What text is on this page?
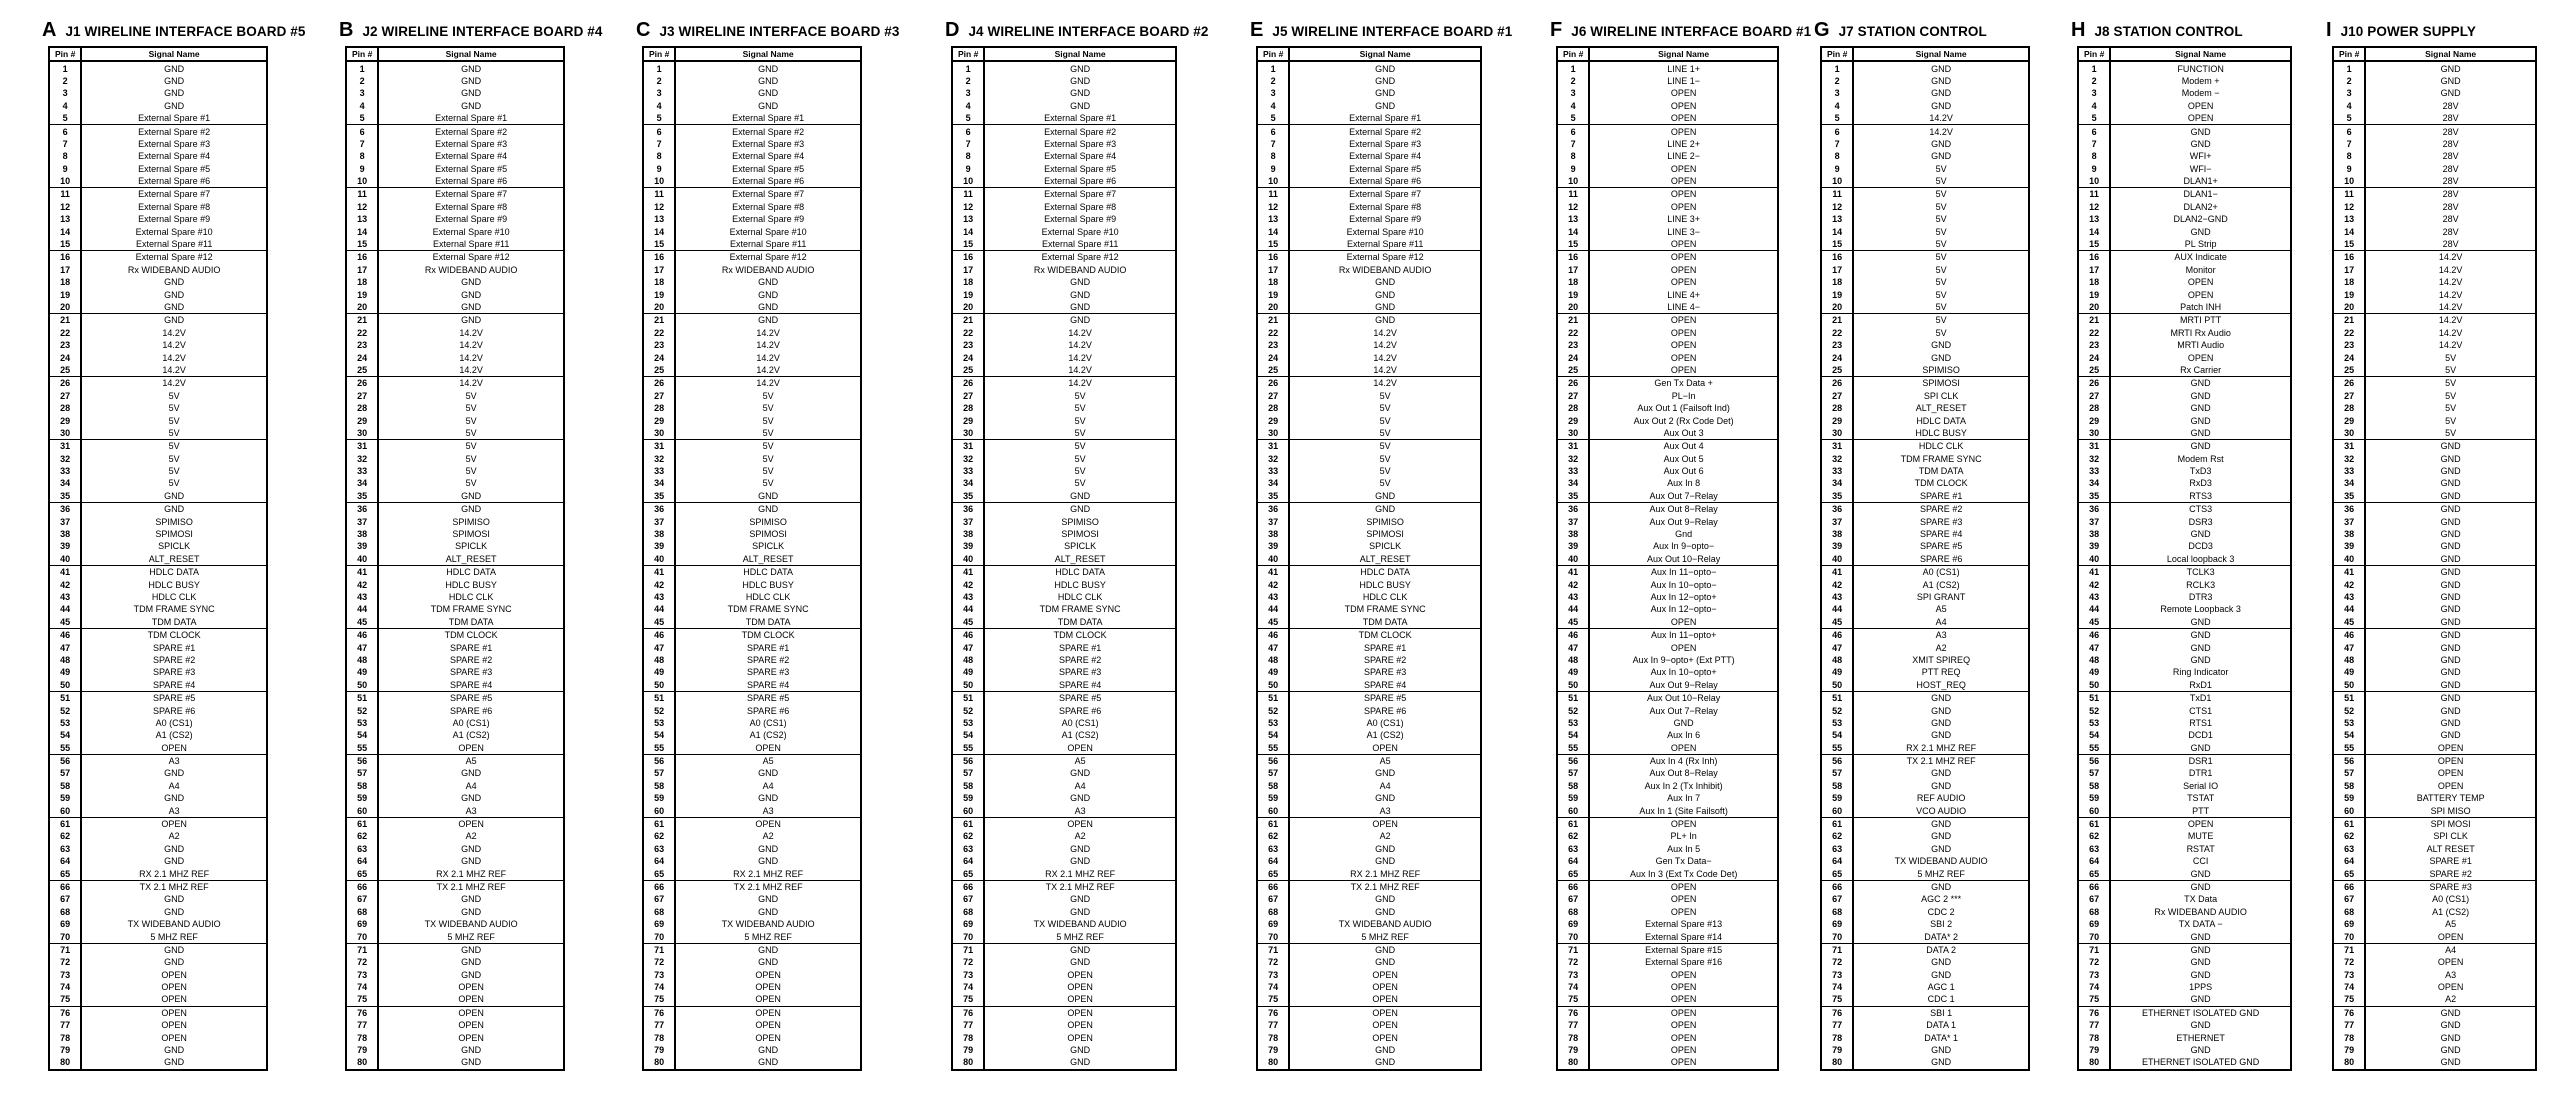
A J1 WIRELINE INTERFACE BOARD #5
Pin #	Signal Name
1	GND
2	GND
3	GND
4	GND
5	External Spare #1
6	External Spare #2
7	External Spare #3
8	External Spare #4
9	External Spare #5
10	External Spare #6
11	External Spare #7
12	External Spare #8
13	External Spare #9
14	External Spare #10
15	External Spare #11
16	External Spare #12
17	Rx WIDEBAND AUDIO
18	GND
19	GND
20	GND
21	GND
22	14.2V
23	14.2V
24	14.2V
25	14.2V
26	14.2V
27	5V
28	5V
29	5V
30	5V
31	5V
32	5V
33	5V
34	5V
35	GND
36	GND
37	SPIMISO
38	SPIMOSI
39	SPICLK
40	ALT_RESET
41	HDLC DATA
42	HDLC BUSY
43	HDLC CLK
44	TDM FRAME SYNC
45	TDM DATA
46	TDM CLOCK
47	SPARE #1
48	SPARE #2
49	SPARE #3
50	SPARE #4
51	SPARE #5
52	SPARE #6
53	A0 (CS1)
54	A1 (CS2)
55	OPEN
56	A3
57	GND
58	A4
59	GND
60	A3
61	OPEN
62	A2
63	GND
64	GND
65	RX 2.1 MHZ REF
66	TX 2.1 MHZ REF
67	GND
68	GND
69	TX WIDEBAND AUDIO
70	5 MHZ REF
71	GND
72	GND
73	OPEN
74	OPEN
75	OPEN
76	OPEN
77	OPEN
78	OPEN
79	GND
80	GND
B J2 WIRELINE INTERFACE BOARD #4
Pin #	Signal Name
1	GND
2	GND
3	GND
4	GND
5	External Spare #1
6	External Spare #2
7	External Spare #3
8	External Spare #4
9	External Spare #5
10	External Spare #6
11	External Spare #7
12	External Spare #8
13	External Spare #9
14	External Spare #10
15	External Spare #11
16	External Spare #12
17	Rx WIDEBAND AUDIO
18	GND
19	GND
20	GND
21	GND
22	14.2V
23	14.2V
24	14.2V
25	14.2V
26	14.2V
27	5V
28	5V
29	5V
30	5V
31	5V
32	5V
33	5V
34	5V
35	GND
36	GND
37	SPIMISO
38	SPIMOSI
39	SPICLK
40	ALT_RESET
41	HDLC DATA
42	HDLC BUSY
43	HDLC CLK
44	TDM FRAME SYNC
45	TDM DATA
46	TDM CLOCK
47	SPARE #1
48	SPARE #2
49	SPARE #3
50	SPARE #4
51	SPARE #5
52	SPARE #6
53	A0 (CS1)
54	A1 (CS2)
55	OPEN
56	A5
57	GND
58	A4
59	GND
60	A3
61	OPEN
62	A2
63	GND
64	GND
65	RX 2.1 MHZ REF
66	TX 2.1 MHZ REF
67	GND
68	GND
69	TX WIDEBAND AUDIO
70	5 MHZ REF
71	GND
72	GND
73	GND
74	OPEN
75	OPEN
76	OPEN
77	OPEN
78	OPEN
79	GND
80	GND
C J3 WIRELINE INTERFACE BOARD #3
Pin #	Signal Name
1	GND
2	GND
3	GND
4	GND
5	External Spare #1
6	External Spare #2
7	External Spare #3
8	External Spare #4
9	External Spare #5
10	External Spare #6
11	External Spare #7
12	External Spare #8
13	External Spare #9
14	External Spare #10
15	External Spare #11
16	External Spare #12
17	Rx WIDEBAND AUDIO
18	GND
19	GND
20	GND
21	GND
22	14.2V
23	14.2V
24	14.2V
25	14.2V
26	14.2V
27	5V
28	5V
29	5V
30	5V
31	5V
32	5V
33	5V
34	5V
35	GND
36	GND
37	SPIMISO
38	SPIMOSI
39	SPICLK
40	ALT_RESET
41	HDLC DATA
42	HDLC BUSY
43	HDLC CLK
44	TDM FRAME SYNC
45	TDM DATA
46	TDM CLOCK
47	SPARE #1
48	SPARE #2
49	SPARE #3
50	SPARE #4
51	SPARE #5
52	SPARE #6
53	A0 (CS1)
54	A1 (CS2)
55	OPEN
56	A5
57	GND
58	A4
59	GND
60	A3
61	OPEN
62	A2
63	GND
64	GND
65	RX 2.1 MHZ REF
66	TX 2.1 MHZ REF
67	GND
68	GND
69	TX WIDEBAND AUDIO
70	5 MHZ REF
71	GND
72	GND
73	OPEN
74	OPEN
75	OPEN
76	OPEN
77	OPEN
78	OPEN
79	GND
80	GND
D J4 WIRELINE INTERFACE BOARD #2
Pin #	Signal Name
1	GND
2	GND
3	GND
4	GND
5	External Spare #1
6	External Spare #2
7	External Spare #3
8	External Spare #4
9	External Spare #5
10	External Spare #6
11	External Spare #7
12	External Spare #8
13	External Spare #9
14	External Spare #10
15	External Spare #11
16	External Spare #12
17	Rx WIDEBAND AUDIO
18	GND
19	GND
20	GND
21	GND
22	14.2V
23	14.2V
24	14.2V
25	14.2V
26	14.2V
27	5V
28	5V
29	5V
30	5V
31	5V
32	5V
33	5V
34	5V
35	GND
36	GND
37	SPIMISO
38	SPIMOSI
39	SPICLK
40	ALT_RESET
41	HDLC DATA
42	HDLC BUSY
43	HDLC CLK
44	TDM FRAME SYNC
45	TDM DATA
46	TDM CLOCK
47	SPARE #1
48	SPARE #2
49	SPARE #3
50	SPARE #4
51	SPARE #5
52	SPARE #6
53	A0 (CS1)
54	A1 (CS2)
55	OPEN
56	A5
57	GND
58	A4
59	GND
60	A3
61	OPEN
62	A2
63	GND
64	GND
65	RX 2.1 MHZ REF
66	TX 2.1 MHZ REF
67	GND
68	GND
69	TX WIDEBAND AUDIO
70	5 MHZ REF
71	GND
72	GND
73	OPEN
74	OPEN
75	OPEN
76	OPEN
77	OPEN
78	OPEN
79	GND
80	GND
E J5 WIRELINE INTERFACE BOARD #1
Pin #	Signal Name
1	GND
2	GND
3	GND
4	GND
5	External Spare #1
6	External Spare #2
7	External Spare #3
8	External Spare #4
9	External Spare #5
10	External Spare #6
11	External Spare #7
12	External Spare #8
13	External Spare #9
14	External Spare #10
15	External Spare #11
16	External Spare #12
17	Rx WIDEBAND AUDIO
18	GND
19	GND
20	GND
21	GND
22	14.2V
23	14.2V
24	14.2V
25	14.2V
26	14.2V
27	5V
28	5V
29	5V
30	5V
31	5V
32	5V
33	5V
34	5V
35	GND
36	GND
37	SPIMISO
38	SPIMOSI
39	SPICLK
40	ALT_RESET
41	HDLC DATA
42	HDLC BUSY
43	HDLC CLK
44	TDM FRAME SYNC
45	TDM DATA
46	TDM CLOCK
47	SPARE #1
48	SPARE #2
49	SPARE #3
50	SPARE #4
51	SPARE #5
52	SPARE #6
53	A0 (CS1)
54	A1 (CS2)
55	OPEN
56	A5
57	GND
58	A4
59	GND
60	A3
61	OPEN
62	A2
63	GND
64	GND
65	RX 2.1 MHZ REF
66	TX 2.1 MHZ REF
67	GND
68	GND
69	TX WIDEBAND AUDIO
70	5 MHZ REF
71	GND
72	GND
73	OPEN
74	OPEN
75	OPEN
76	OPEN
77	OPEN
78	OPEN
79	GND
80	GND
F J6 WIRELINE INTERFACE BOARD #1
Pin #	Signal Name
1	LINE 1+
2	LINE 1−
3	OPEN
4	OPEN
5	OPEN
6	OPEN
7	LINE 2+
8	LINE 2−
9	OPEN
10	OPEN
11	OPEN
12	OPEN
13	LINE 3+
14	LINE 3−
15	OPEN
16	OPEN
17	OPEN
18	OPEN
19	LINE 4+
20	LINE 4−
21	OPEN
22	OPEN
23	OPEN
24	OPEN
25	OPEN
26	Gen Tx Data +
27	PL−In
28	Aux Out 1 (Failsoft Ind)
29	Aux Out 2 (Rx Code Det)
30	Aux Out 3
31	Aux Out 4
32	Aux Out 5
33	Aux Out 6
34	Aux In 8
35	Aux Out 7−Relay
36	Aux Out 8−Relay
37	Aux Out 9−Relay
38	Gnd
39	Aux In 9−opto−
40	Aux Out 10−Relay
41	Aux In 11−opto−
42	Aux In 10−opto−
43	Aux In 12−opto+
44	Aux In 12−opto−
45	OPEN
46	Aux In 11−opto+
47	OPEN
48	Aux In 9−opto+ (Ext PTT)
49	Aux In 10−opto+
50	Aux Out 9−Relay
51	Aux Out 10−Relay
52	Aux Out 7−Relay
53	GND
54	Aux In 6
55	OPEN
56	Aux In 4 (Rx Inh)
57	Aux Out 8−Relay
58	Aux In 2 (Tx Inhibit)
59	Aux In 7
60	Aux In 1 (Site Failsoft)
61	OPEN
62	PL+ In
63	Aux In 5
64	Gen Tx Data−
65	Aux In 3 (Ext Tx Code Det)
66	OPEN
67	OPEN
68	OPEN
69	External Spare #13
70	External Spare #14
71	External Spare #15
72	External Spare #16
73	OPEN
74	OPEN
75	OPEN
76	OPEN
77	OPEN
78	OPEN
79	OPEN
80	OPEN
G J7 STATION CONTROL
Pin #	Signal Name
1	GND
2	GND
3	GND
4	GND
5	14.2V
6	14.2V
7	GND
8	GND
9	5V
10	5V
11	5V
12	5V
13	5V
14	5V
15	5V
16	5V
17	5V
18	5V
19	5V
20	5V
21	5V
22	5V
23	GND
24	GND
25	SPIMISO
26	SPIMOSI
27	SPI CLK
28	ALT_RESET
29	HDLC DATA
30	HDLC BUSY
31	HDLC CLK
32	TDM FRAME SYNC
33	TDM DATA
34	TDM CLOCK
35	SPARE #1
36	SPARE #2
37	SPARE #3
38	SPARE #4
39	SPARE #5
40	SPARE #6
41	A0 (CS1)
42	A1 (CS2)
43	SPI GRANT
44	A5
45	A4
46	A3
47	A2
48	XMIT SPIREQ
49	PTT REQ
50	HOST_REQ
51	GND
52	GND
53	GND
54	GND
55	RX 2.1 MHZ REF
56	TX 2.1 MHZ REF
57	GND
58	GND
59	REF AUDIO
60	VCO AUDIO
61	GND
62	GND
63	GND
64	TX WIDEBAND AUDIO
65	5 MHZ REF
66	GND
67	AGC 2 ***
68	CDC 2
69	SBI 2
70	DATA* 2
71	DATA 2
72	GND
73	GND
74	AGC 1
75	CDC 1
76	SBI 1
77	DATA 1
78	DATA* 1
79	GND
80	GND
H J8 STATION CONTROL
Pin #	Signal Name
1	FUNCTION
2	Modem +
3	Modem −
4	OPEN
5	OPEN
6	GND
7	GND
8	WFI+
9	WFI−
10	DLAN1+
11	DLAN1−
12	DLAN2+
13	DLAN2−GND
14	GND
15	PL Strip
16	AUX Indicate
17	Monitor
18	OPEN
19	OPEN
20	Patch INH
21	MRTI PTT
22	MRTI Rx Audio
23	MRTI Audio
24	OPEN
25	Rx Carrier
26	GND
27	GND
28	GND
29	GND
30	GND
31	GND
32	Modem Rst
33	TxD3
34	RxD3
35	RTS3
36	CTS3
37	DSR3
38	GND
39	DCD3
40	Local loopback 3
41	TCLK3
42	RCLK3
43	DTR3
44	Remote Loopback 3
45	GND
46	GND
47	GND
48	GND
49	Ring Indicator
50	RxD1
51	TxD1
52	CTS1
53	RTS1
54	DCD1
55	GND
56	DSR1
57	DTR1
58	Serial IO
59	TSTAT
60	PTT
61	OPEN
62	MUTE
63	RSTAT
64	CCI
65	GND
66	GND
67	TX Data
68	Rx WIDEBAND AUDIO
69	TX DATA −
70	GND
71	GND
72	GND
73	GND
74	1PPS
75	GND
76	ETHERNET ISOLATED GND
77	GND
78	ETHERNET
79	GND
80	ETHERNET ISOLATED GND
I J10 POWER SUPPLY
Pin #	Signal Name
1	GND
2	GND
3	GND
4	28V
5	28V
6	28V
7	28V
8	28V
9	28V
10	28V
11	28V
12	28V
13	28V
14	28V
15	28V
16	14.2V
17	14.2V
18	14.2V
19	14.2V
20	14.2V
21	14.2V
22	14.2V
23	14.2V
24	5V
25	5V
26	5V
27	5V
28	5V
29	5V
30	5V
31	GND
32	GND
33	GND
34	GND
35	GND
36	GND
37	GND
38	GND
39	GND
40	GND
41	GND
42	GND
43	GND
44	GND
45	GND
46	GND
47	GND
48	GND
49	GND
50	GND
51	GND
52	GND
53	GND
54	GND
55	OPEN
56	OPEN
57	OPEN
58	OPEN
59	BATTERY TEMP
60	SPI MISO
61	SPI MOSI
62	SPI CLK
63	ALT RESET
64	SPARE #1
65	SPARE #2
66	SPARE #3
67	A0 (CS1)
68	A1 (CS2)
69	A5
70	OPEN
71	A4
72	OPEN
73	A3
74	OPEN
75	A2
76	GND
77	GND
78	GND
79	GND
80	GND
